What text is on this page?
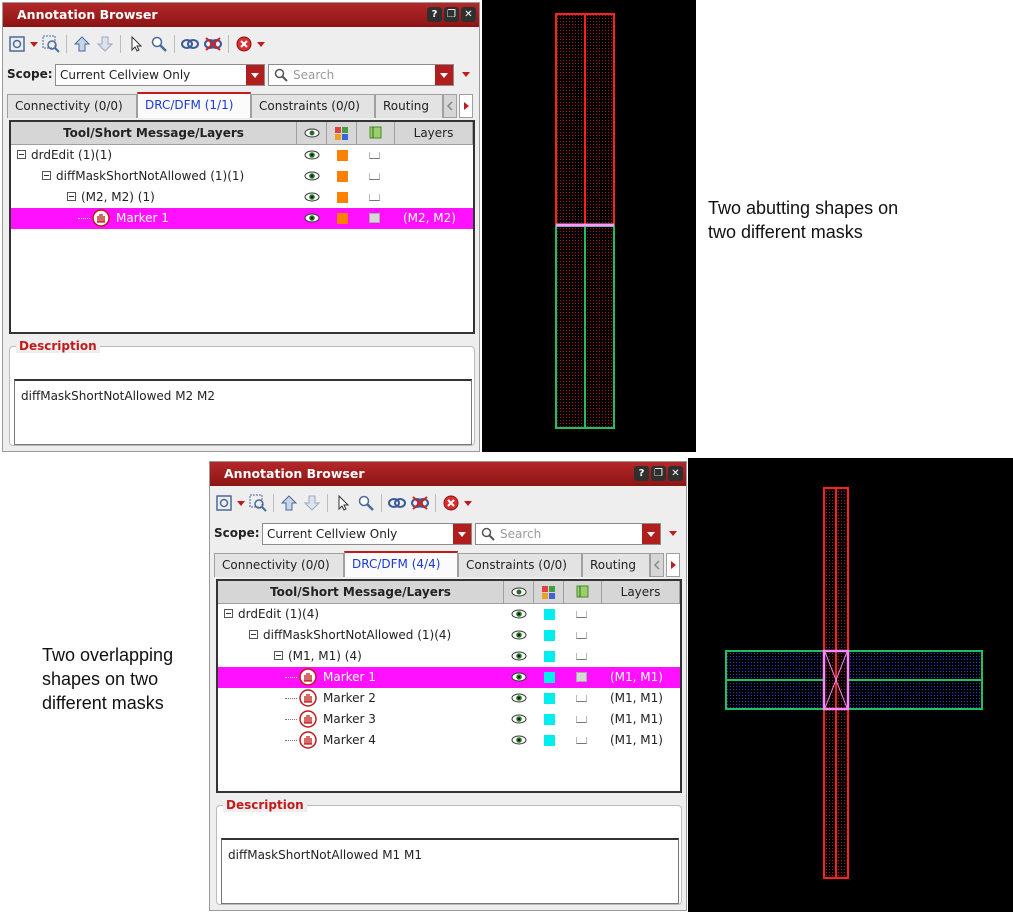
Annotation Browser	? ❐ ✕
Scope: Current Cellview Only	Search
Connectivity (0/0)	DRC/DFM (1/1)	Constraints (0/0)	Routing
Tool/Short Message/Layers	Layers
drdEdit (1)(1)
diffMaskShortNotAllowed (1)(1)
(M2, M2) (1)
Marker 1	(M2, M2)
Description
diffMaskShortNotAllowed M2 M2
Two abutting shapes on
two different masks
Annotation Browser	? ❐ ✕
Scope: Current Cellview Only	Search
Connectivity (0/0)	DRC/DFM (4/4)	Constraints (0/0)	Routing
Tool/Short Message/Layers	Layers
drdEdit (1)(4)
diffMaskShortNotAllowed (1)(4)
(M1, M1) (4)
Marker 1	(M1, M1)
Marker 2	(M1, M1)
Marker 3	(M1, M1)
Marker 4	(M1, M1)
Description
diffMaskShortNotAllowed M1 M1
Two overlapping
shapes on two
different masks
